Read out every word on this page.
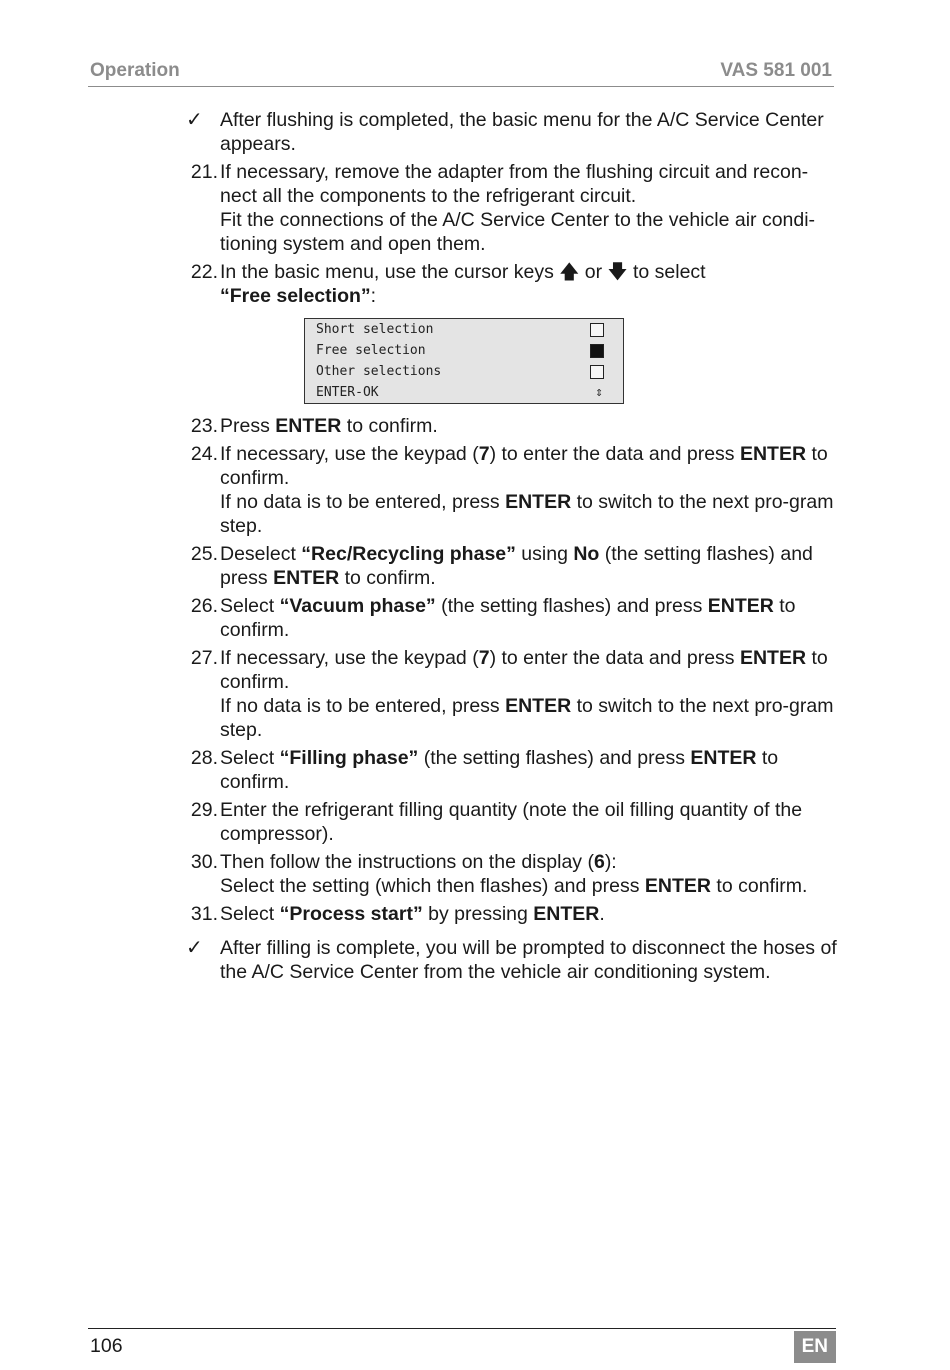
Operation	VAS 581 001
✓ After flushing is completed, the basic menu for the A/C Service Center appears.
21. If necessary, remove the adapter from the flushing circuit and recon-nect all the components to the refrigerant circuit.
Fit the connections of the A/C Service Center to the vehicle air condi-tioning system and open them.
22. In the basic menu, use the cursor keys 🡅 or 🡇 to select
“Free selection”:
Short selection
Free selection
Other selections
ENTER-OK	⇕
23. Press ENTER to confirm.
24. If necessary, use the keypad (7) to enter the data and press ENTER to confirm.
If no data is to be entered, press ENTER to switch to the next pro-gram step.
25. Deselect “Rec/Recycling phase” using No (the setting flashes) and press ENTER to confirm.
26. Select “Vacuum phase” (the setting flashes) and press ENTER to confirm.
27. If necessary, use the keypad (7) to enter the data and press ENTER to confirm.
If no data is to be entered, press ENTER to switch to the next pro-gram step.
28. Select “Filling phase” (the setting flashes) and press ENTER to confirm.
29. Enter the refrigerant filling quantity (note the oil filling quantity of the compressor).
30. Then follow the instructions on the display (6):
Select the setting (which then flashes) and press ENTER to confirm.
31. Select “Process start” by pressing ENTER.
✓ After filling is complete, you will be prompted to disconnect the hoses of the A/C Service Center from the vehicle air conditioning system.
106	EN
